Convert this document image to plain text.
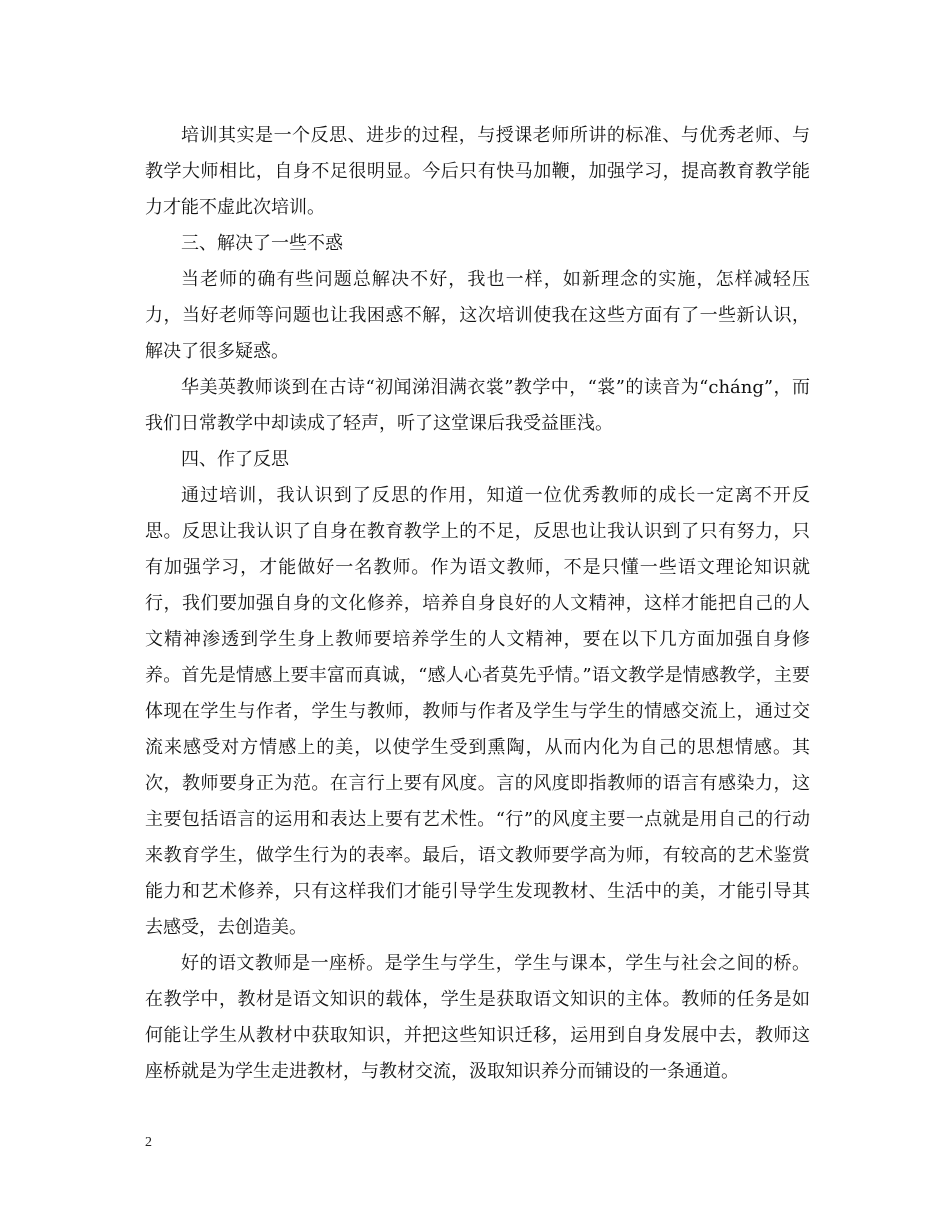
培训其实是一个反思、进步的过程，与授课老师所讲的标准、与优秀老师、与教学大师相比，自身不足很明显。今后只有快马加鞭，加强学习，提高教育教学能力才能不虚此次培训。

三、解决了一些不惑

当老师的确有些问题总解决不好，我也一样，如新理念的实施，怎样减轻压力，当好老师等问题也让我困惑不解，这次培训使我在这些方面有了一些新认识，解决了很多疑惑。

华美英教师谈到在古诗“初闻涕泪满衣裳”教学中，“裳”的读音为“cháng”，而我们日常教学中却读成了轻声，听了这堂课后我受益匪浅。

四、作了反思

通过培训，我认识到了反思的作用，知道一位优秀教师的成长一定离不开反思。反思让我认识了自身在教育教学上的不足，反思也让我认识到了只有努力，只有加强学习，才能做好一名教师。作为语文教师，不是只懂一些语文理论知识就行，我们要加强自身的文化修养，培养自身良好的人文精神，这样才能把自己的人文精神渗透到学生身上教师要培养学生的人文精神，要在以下几方面加强自身修养。首先是情感上要丰富而真诚，“感人心者莫先乎情。”语文教学是情感教学，主要体现在学生与作者，学生与教师，教师与作者及学生与学生的情感交流上，通过交流来感受对方情感上的美，以使学生受到熏陶，从而内化为自己的思想情感。其次，教师要身正为范。在言行上要有风度。言的风度即指教师的语言有感染力，这主要包括语言的运用和表达上要有艺术性。“行”的风度主要一点就是用自己的行动来教育学生，做学生行为的表率。最后，语文教师要学高为师，有较高的艺术鉴赏能力和艺术修养，只有这样我们才能引导学生发现教材、生活中的美，才能引导其去感受，去创造美。

好的语文教师是一座桥。是学生与学生，学生与课本，学生与社会之间的桥。在教学中，教材是语文知识的载体，学生是获取语文知识的主体。教师的任务是如何能让学生从教材中获取知识，并把这些知识迁移，运用到自身发展中去，教师这座桥就是为学生走进教材，与教材交流，汲取知识养分而铺设的一条通道。

2
